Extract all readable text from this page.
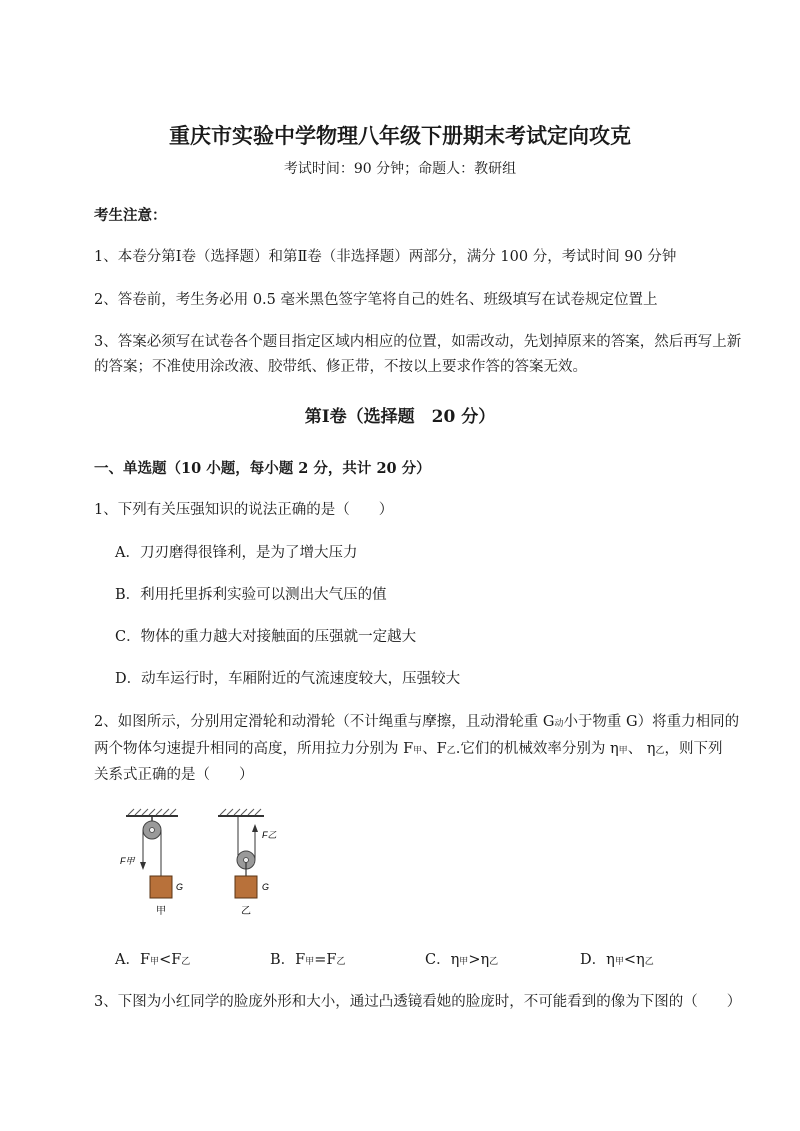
重庆市实验中学物理八年级下册期末考试定向攻克
考试时间：90 分钟；命题人：教研组
考生注意：
1、本卷分第Ⅰ卷（选择题）和第Ⅱ卷（非选择题）两部分，满分 100 分，考试时间 90 分钟
2、答卷前，考生务必用 0.5 毫米黑色签字笔将自己的姓名、班级填写在试卷规定位置上
3、答案必须写在试卷各个题目指定区域内相应的位置，如需改动，先划掉原来的答案，然后再写上新
的答案；不准使用涂改液、胶带纸、修正带，不按以上要求作答的答案无效。
第Ⅰ卷（选择题　20 分）
一、单选题（10 小题，每小题 2 分，共计 20 分）
1、下列有关压强知识的说法正确的是（　　）
A．刀刃磨得很锋利，是为了增大压力
B．利用托里拆利实验可以测出大气压的值
C．物体的重力越大对接触面的压强就一定越大
D．动车运行时，车厢附近的气流速度较大，压强较大
2、如图所示，分别用定滑轮和动滑轮（不计绳重与摩擦，且动滑轮重 G动小于物重 G）将重力相同的
两个物体匀速提升相同的高度，所用拉力分别为 F甲、F乙.它们的机械效率分别为 η甲、 η乙，则下列
关系式正确的是（　　）
G
F甲
甲
G
F乙
乙
A．F甲<F乙	B．F甲=F乙	C．η甲>η乙	D．η甲<η乙
3、下图为小红同学的脸庞外形和大小，通过凸透镜看她的脸庞时，不可能看到的像为下图的（　　）
